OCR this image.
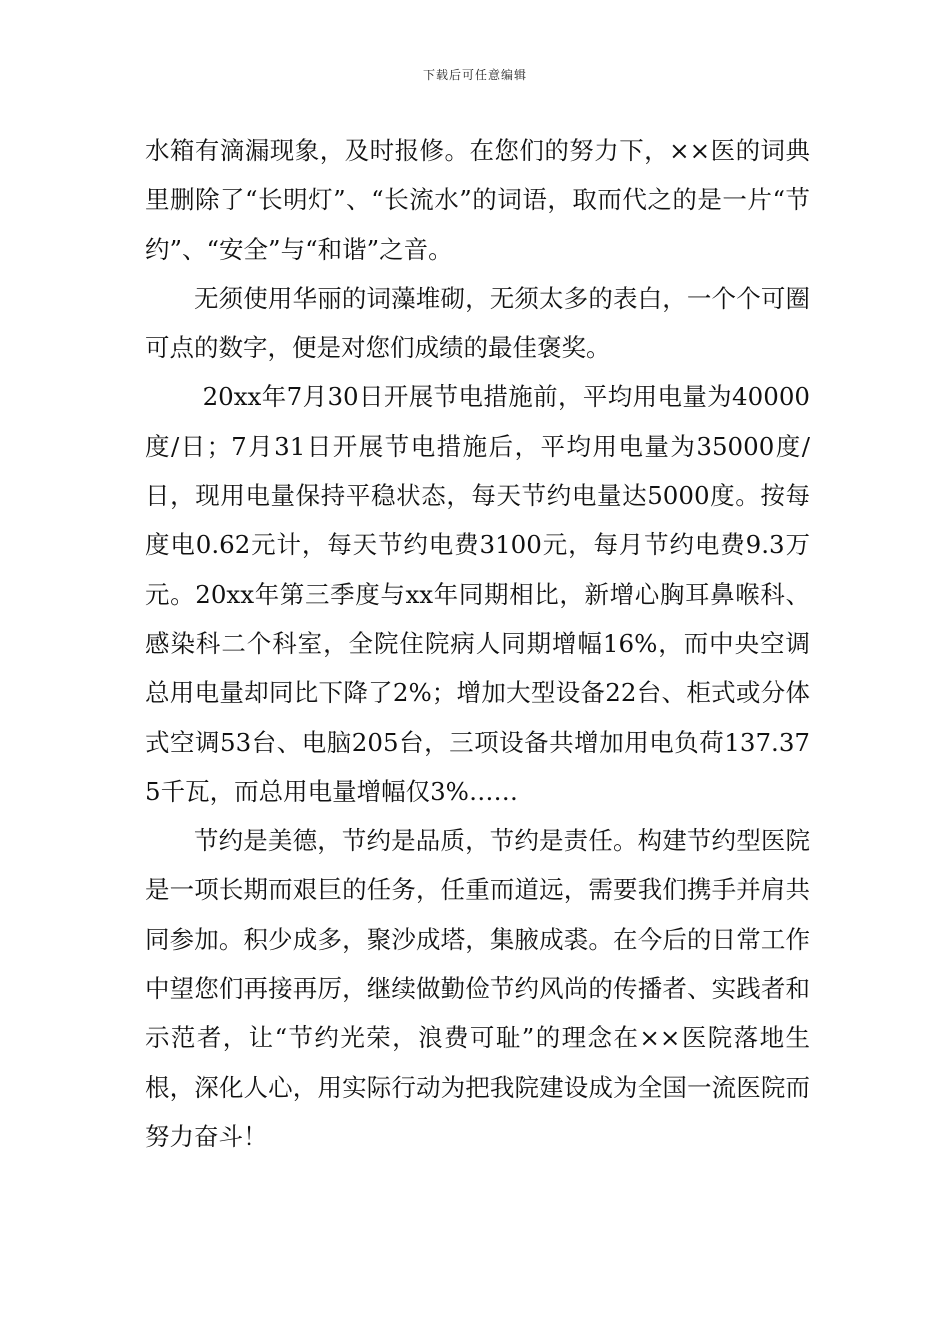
下载后可任意编辑

水箱有滴漏现象，及时报修。在您们的努力下，××医的词典里删除了“长明灯”、“长流水”的词语，取而代之的是一片“节约”、“安全”与“和谐”之音。

无须使用华丽的词藻堆砌，无须太多的表白，一个个可圈可点的数字，便是对您们成绩的最佳褒奖。

20xx年7月30日开展节电措施前，平均用电量为40000度/日；7月31日开展节电措施后，平均用电量为35000度/日，现用电量保持平稳状态，每天节约电量达5000度。按每度电0.62元计，每天节约电费3100元，每月节约电费9.3万元。20xx年第三季度与xx年同期相比，新增心胸耳鼻喉科、感染科二个科室，全院住院病人同期增幅16%，而中央空调总用电量却同比下降了2%；增加大型设备22台、柜式或分体式空调53台、电脑205台，三项设备共增加用电负荷137.375千瓦，而总用电量增幅仅3%……

节约是美德，节约是品质，节约是责任。构建节约型医院是一项长期而艰巨的任务，任重而道远，需要我们携手并肩共同参加。积少成多，聚沙成塔，集腋成裘。在今后的日常工作中望您们再接再厉，继续做勤俭节约风尚的传播者、实践者和示范者，让“节约光荣，浪费可耻”的理念在××医院落地生根，深化人心，用实际行动为把我院建设成为全国一流医院而努力奋斗！
